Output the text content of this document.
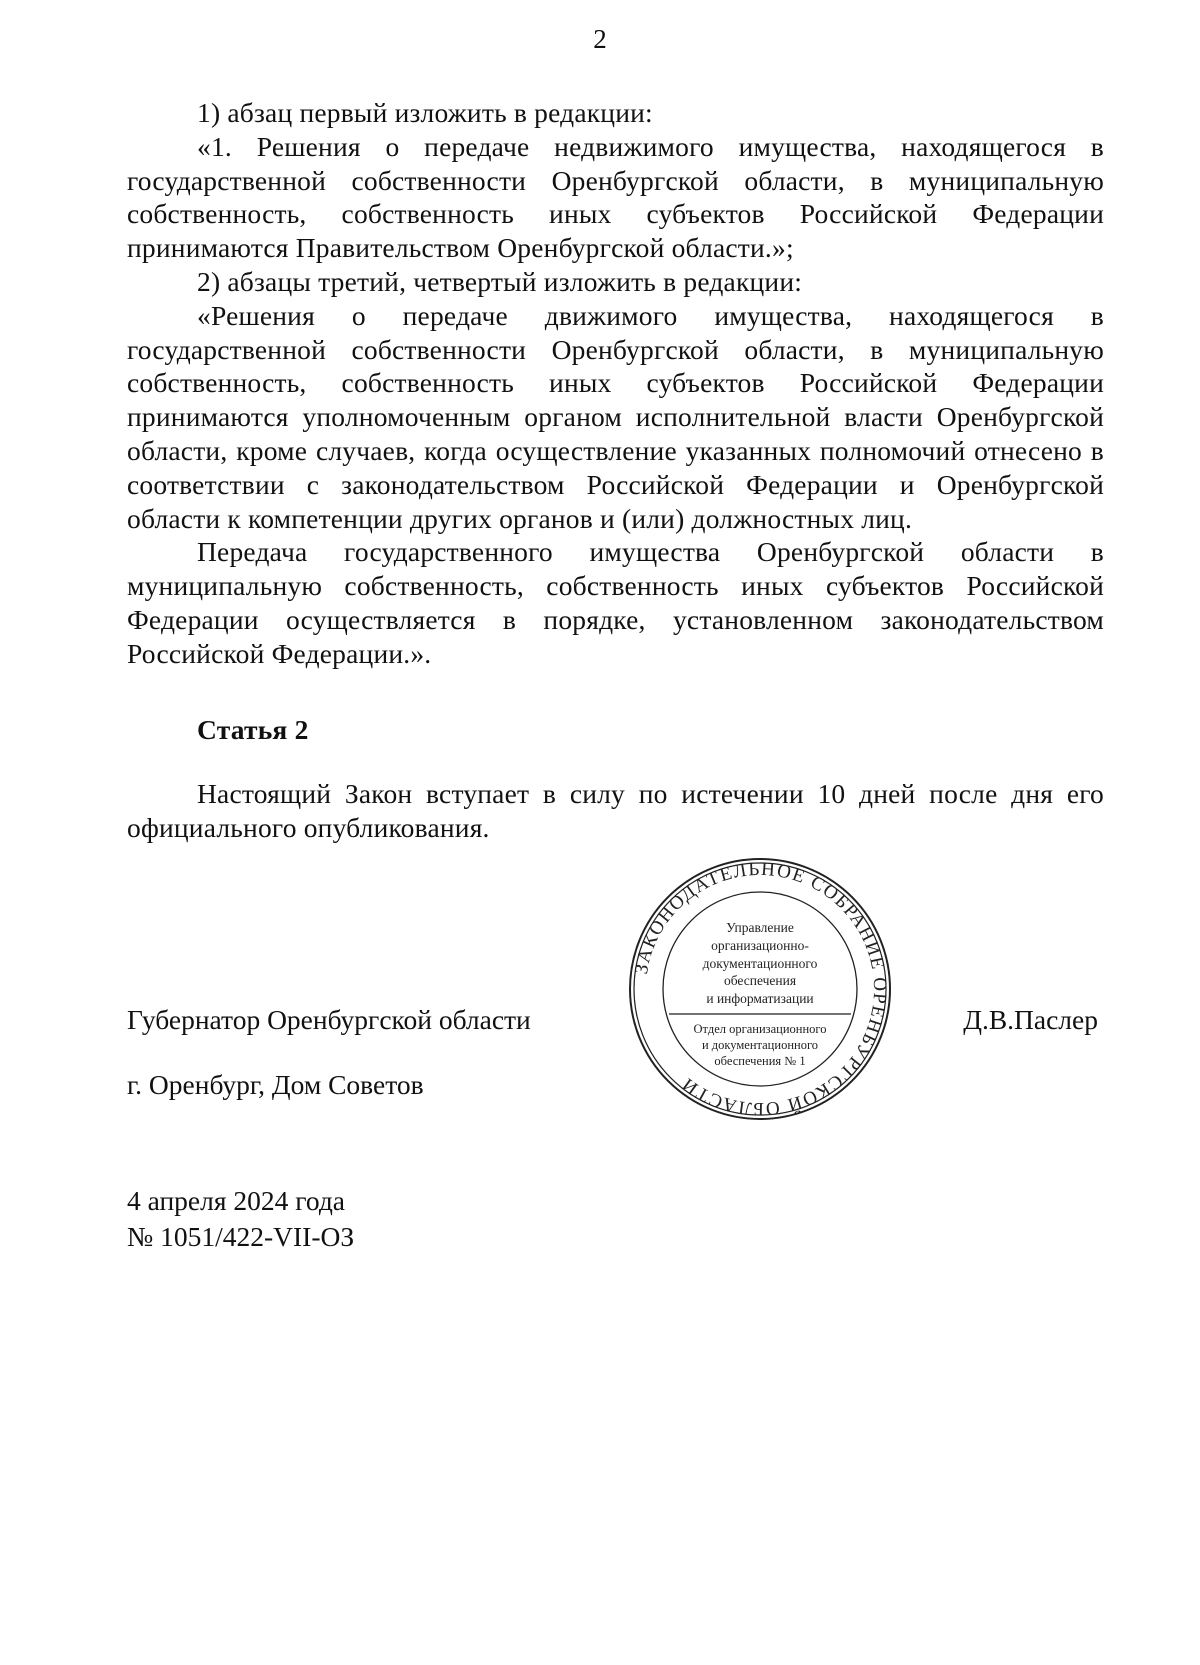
2

1) абзац первый изложить в редакции:

«1. Решения о передаче недвижимого имущества, находящегося в государственной собственности Оренбургской области, в муниципальную собственность, собственность иных субъектов Российской Федерации принимаются Правительством Оренбургской области.»;

2) абзацы третий, четвертый изложить в редакции:

«Решения о передаче движимого имущества, находящегося в государственной собственности Оренбургской области, в муниципальную собственность, собственность иных субъектов Российской Федерации принимаются уполномоченным органом исполнительной власти Оренбургской области, кроме случаев, когда осуществление указанных полномочий отнесено в соответствии с законодательством Российской Федерации и Оренбургской области к компетенции других органов и (или) должностных лиц.

Передача государственного имущества Оренбургской области в муниципальную собственность, собственность иных субъектов Российской Федерации осуществляется в порядке, установленном законодательством Российской Федерации.».

Статья 2

Настоящий Закон вступает в силу по истечении 10 дней после дня его официального опубликования.

Губернатор Оренбургской области
г. Оренбург, Дом Советов
Д.В.Паслер
ЗАКОНОДАТЕЛЬНОЕ СОБРАНИЕ ОРЕНБУРГСКОЙ ОБЛАСТИ
Управление
организационно-
документационного
обеспечения
и информатизации
Отдел организационного
и документационного
обеспечения № 1
4 апреля 2024 года
№ 1051/422-VII-ОЗ
